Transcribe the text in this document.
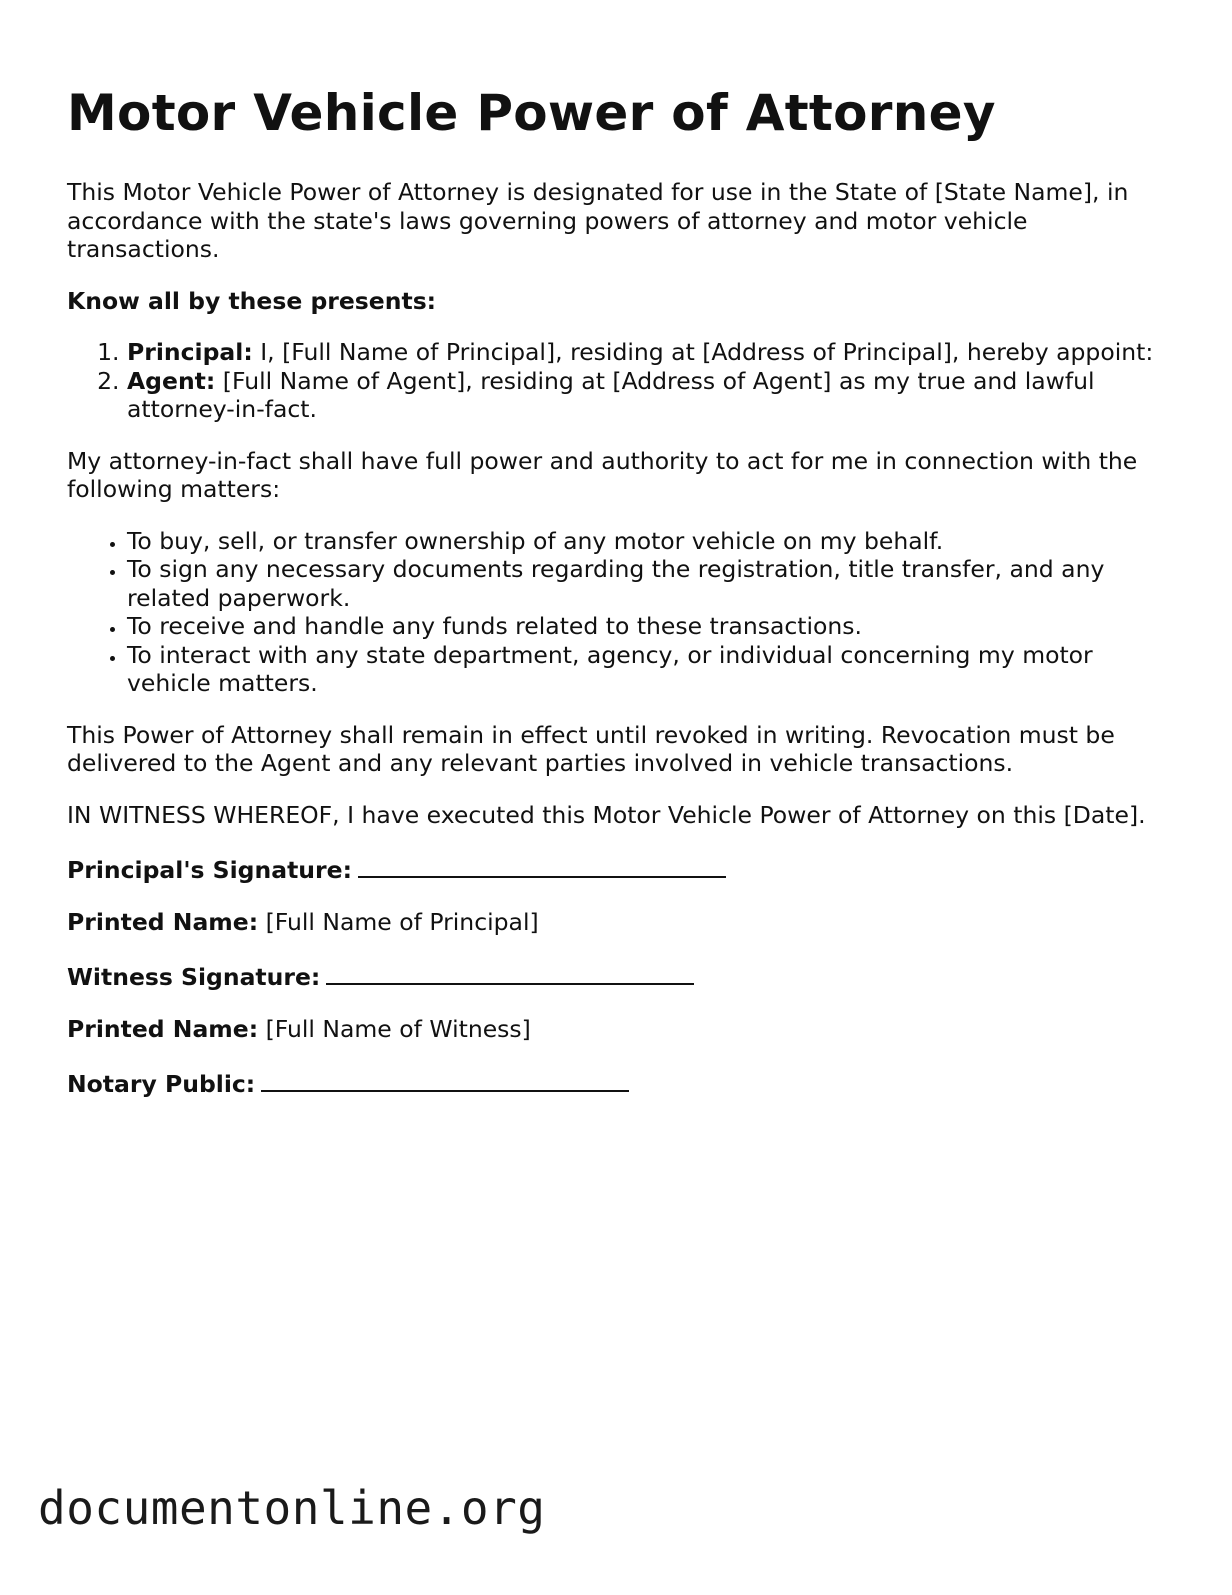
Motor Vehicle Power of Attorney

This Motor Vehicle Power of Attorney is designated for use in the State of [State Name], in accordance with the state's laws governing powers of attorney and motor vehicle transactions.

Know all by these presents:

1. Principal: I, [Full Name of Principal], residing at [Address of Principal], hereby appoint:
2. Agent: [Full Name of Agent], residing at [Address of Agent] as my true and lawful attorney-in-fact.

My attorney-in-fact shall have full power and authority to act for me in connection with the following matters:

• To buy, sell, or transfer ownership of any motor vehicle on my behalf.
• To sign any necessary documents regarding the registration, title transfer, and any related paperwork.
• To receive and handle any funds related to these transactions.
• To interact with any state department, agency, or individual concerning my motor vehicle matters.

This Power of Attorney shall remain in effect until revoked in writing. Revocation must be delivered to the Agent and any relevant parties involved in vehicle transactions.

IN WITNESS WHEREOF, I have executed this Motor Vehicle Power of Attorney on this [Date].

Principal's Signature:

Printed Name: [Full Name of Principal]

Witness Signature:

Printed Name: [Full Name of Witness]

Notary Public:

documentonline.org
